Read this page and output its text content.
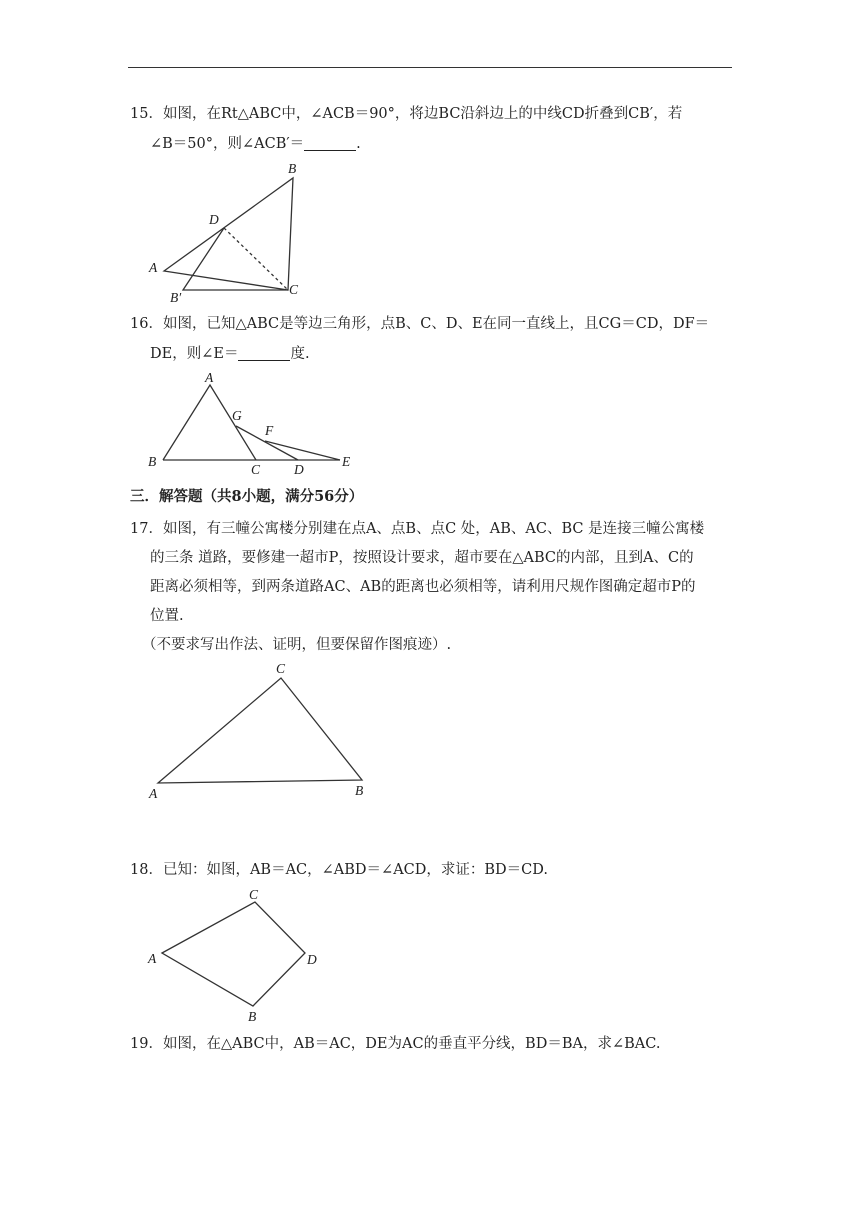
15．如图，在Rt△ABC中，∠ACB＝90°，将边BC沿斜边上的中线CD折叠到CB′，若
∠B＝50°，则∠ACB′＝	.
B
D
A
B′
C
16．如图，已知△ABC是等边三角形，点B、C、D、E在同一直线上，且CG＝CD，DF＝
DE，则∠E＝	度.
A
G
F
B
C	D
E
三．解答题（共8小题，满分56分）
17．如图，有三幢公寓楼分别建在点A、点B、点C 处，AB、AC、BC 是连接三幢公寓楼
的三条 道路，要修建一超市P，按照设计要求，超市要在△ABC的内部，且到A、C的
距离必须相等，到两条道路AC、AB的距离也必须相等，请利用尺规作图确定超市P的
位置.
（不要求写出作法、证明，但要保留作图痕迹）.
C
A	B
18．已知：如图，AB＝AC，∠ABD＝∠ACD，求证：BD＝CD.
C
A	D
B
19．如图，在△ABC中，AB＝AC，DE为AC的垂直平分线，BD＝BA，求∠BAC.
